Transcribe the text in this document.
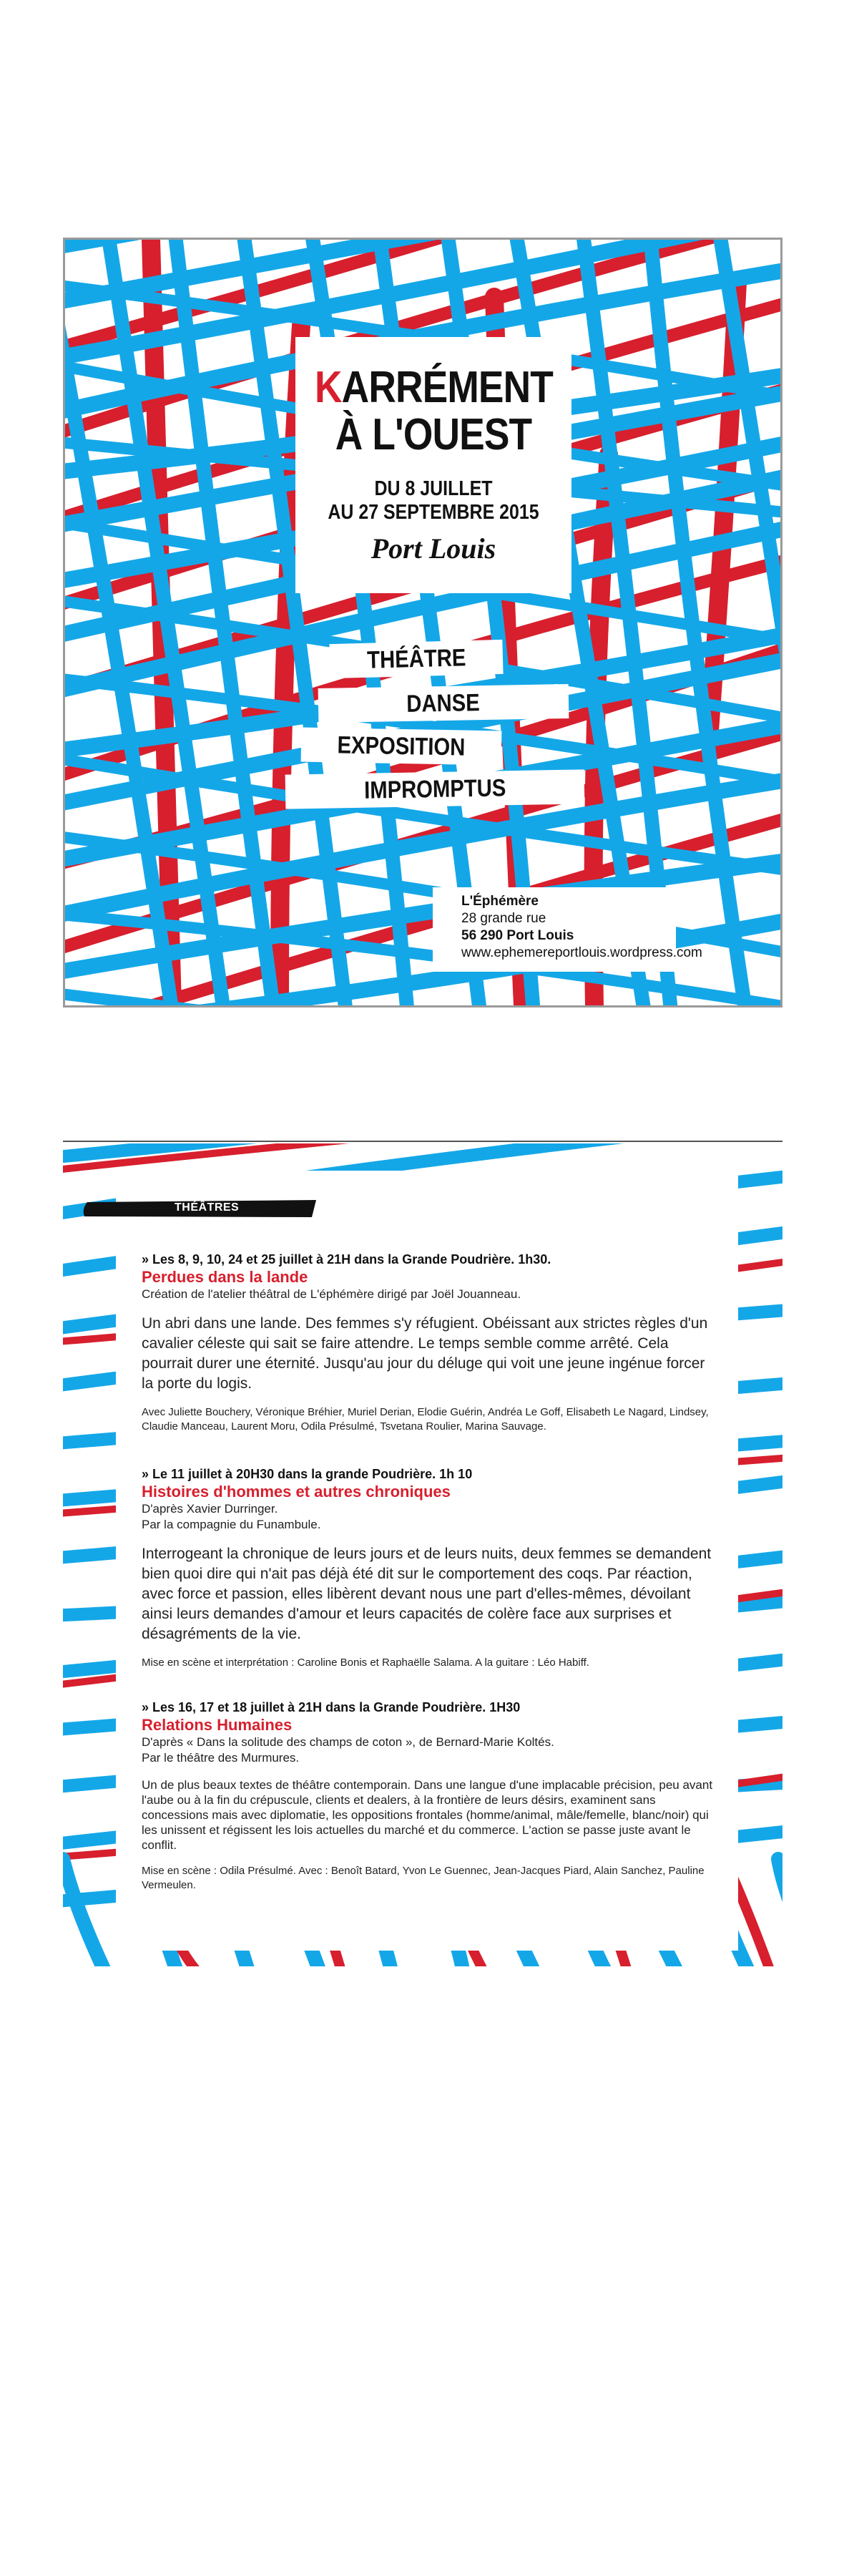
KARRÉMENT
À L'OUEST
DU 8 JUILLET
AU 27 SEPTEMBRE 2015
Port Louis
THÉÂTRE
DANSE
EXPOSITION
IMPROMPTUS
L'Éphémère
28 grande rue
56 290 Port Louis
www.ephemereportlouis.wordpress.com
THÉÂTRES
» Les 8, 9, 10, 24 et 25 juillet à 21H dans la Grande Poudrière. 1h30.
Perdues dans la lande
Création de l'atelier théâtral de L'éphémère dirigé par Joël Jouanneau.
Un abri dans une lande. Des femmes s'y réfugient. Obéissant aux strictes règles d'un cavalier céleste qui sait se faire attendre. Le temps semble comme arrêté. Cela pourrait durer une éternité. Jusqu'au jour du déluge qui voit une jeune ingénue forcer la porte du logis.
Avec Juliette Bouchery, Véronique Bréhier, Muriel Derian, Elodie Guérin, Andréa Le Goff, Elisabeth Le Nagard, Lindsey, Claudie Manceau, Laurent Moru, Odila Présulmé, Tsvetana Roulier, Marina Sauvage.
» Le 11 juillet à 20H30 dans la grande Poudrière. 1h 10
Histoires d'hommes et autres chroniques
D'après Xavier Durringer.
Par la compagnie du Funambule.
Interrogeant la chronique de leurs jours et de leurs nuits, deux femmes se demandent bien quoi dire qui n'ait pas déjà été dit sur le comportement des coqs. Par réaction, avec force et passion, elles libèrent devant nous une part d'elles-mêmes, dévoilant ainsi leurs demandes d'amour et leurs capacités de colère face aux surprises et désagréments de la vie.
Mise en scène et interprétation : Caroline Bonis et Raphaëlle Salama. A la guitare : Léo Habiff.
» Les 16, 17 et 18 juillet à 21H dans la Grande Poudrière. 1H30
Relations Humaines
D'après « Dans la solitude des champs de coton », de Bernard-Marie Koltés.
Par le théâtre des Murmures.
Un de plus beaux textes de théâtre contemporain. Dans une langue d'une implacable précision, peu avant l'aube ou à la fin du crépuscule, clients et dealers, à la frontière de leurs désirs, examinent sans concessions mais avec diplomatie, les oppositions frontales (homme/animal, mâle/femelle, blanc/noir) qui les unissent et régissent les lois actuelles du marché et du commerce. L'action se passe juste avant le conflit.
Mise en scène : Odila Présulmé. Avec : Benoît Batard, Yvon Le Guennec, Jean-Jacques Piard, Alain Sanchez, Pauline Vermeulen.
